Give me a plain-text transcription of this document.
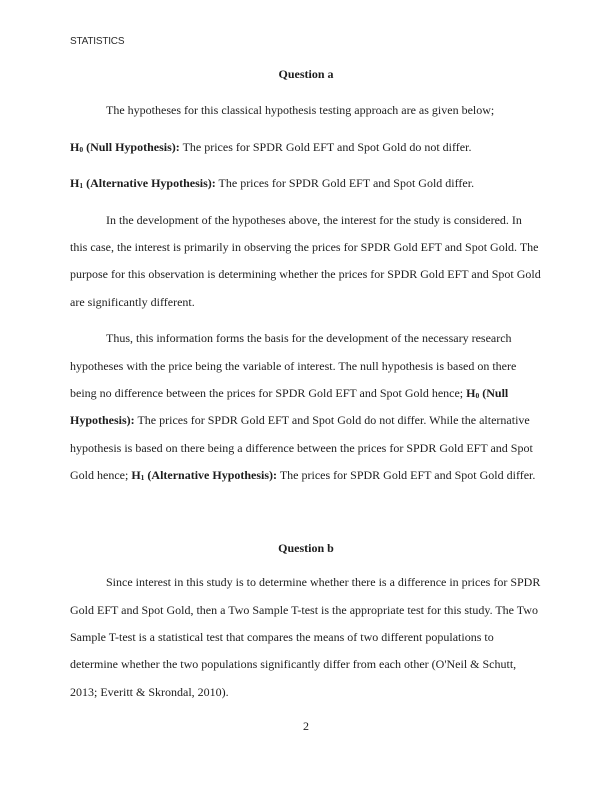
STATISTICS
Question a

The hypotheses for this classical hypothesis testing approach are as given below;

$H_0$ (Null Hypothesis): The prices for SPDR Gold EFT and Spot Gold do not differ.

$H_1$ (Alternative Hypothesis): The prices for SPDR Gold EFT and Spot Gold differ.

In the development of the hypotheses above, the interest for the study is considered. In this case, the interest is primarily in observing the prices for SPDR Gold EFT and Spot Gold. The purpose for this observation is determining whether the prices for SPDR Gold EFT and Spot Gold are significantly different.

Thus, this information forms the basis for the development of the necessary research hypotheses with the price being the variable of interest. The null hypothesis is based on there being no difference between the prices for SPDR Gold EFT and Spot Gold hence; $H_0$ (Null Hypothesis): The prices for SPDR Gold EFT and Spot Gold do not differ. While the alternative hypothesis is based on there being a difference between the prices for SPDR Gold EFT and Spot Gold hence; $H_1$ (Alternative Hypothesis): The prices for SPDR Gold EFT and Spot Gold differ.

Question b

Since interest in this study is to determine whether there is a difference in prices for SPDR Gold EFT and Spot Gold, then a Two Sample T-test is the appropriate test for this study. The Two Sample T-test is a statistical test that compares the means of two different populations to determine whether the two populations significantly differ from each other (O'Neil & Schutt, 2013; Everitt & Skrondal, 2010).

2
